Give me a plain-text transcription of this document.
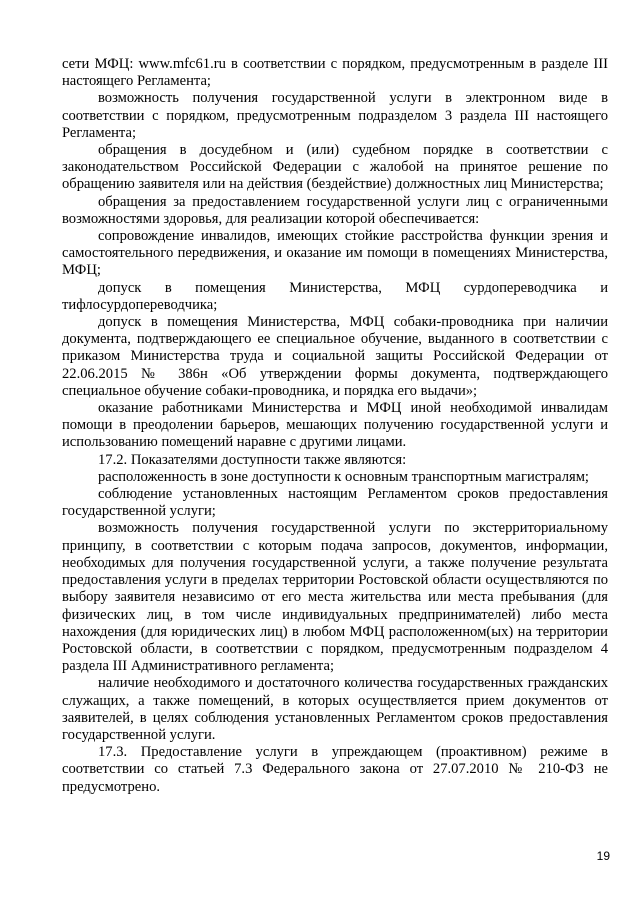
сети МФЦ: www.mfc61.ru в соответствии с порядком, предусмотренным в разделе III настоящего Регламента;

возможность получения государственной услуги в электронном виде в соответствии с порядком, предусмотренным подразделом 3 раздела III настоящего Регламента;

обращения в досудебном и (или) судебном порядке в соответствии с законодательством Российской Федерации с жалобой на принятое решение по обращению заявителя или на действия (бездействие) должностных лиц Министерства;

обращения за предоставлением государственной услуги лиц с ограниченными возможностями здоровья, для реализации которой обеспечивается:

сопровождение инвалидов, имеющих стойкие расстройства функции зрения и самостоятельного передвижения, и оказание им помощи в помещениях Министерства, МФЦ;

допуск в помещения Министерства, МФЦ сурдопереводчика и тифлосурдопереводчика;

допуск в помещения Министерства, МФЦ собаки-проводника при наличии документа, подтверждающего ее специальное обучение, выданного в соответствии с приказом Министерства труда и социальной защиты Российской Федерации от 22.06.2015 № 386н «Об утверждении формы документа, подтверждающего специальное обучение собаки-проводника, и порядка его выдачи»;

оказание работниками Министерства и МФЦ иной необходимой инвалидам помощи в преодолении барьеров, мешающих получению государственной услуги и использованию помещений наравне с другими лицами.

17.2. Показателями доступности также являются:

расположенность в зоне доступности к основным транспортным магистралям;

соблюдение установленных настоящим Регламентом сроков предоставления государственной услуги;

возможность получения государственной услуги по экстерриториальному принципу, в соответствии с которым подача запросов, документов, информации, необходимых для получения государственной услуги, а также получение результата предоставления услуги в пределах территории Ростовской области осуществляются по выбору заявителя независимо от его места жительства или места пребывания (для физических лиц, в том числе индивидуальных предпринимателей) либо места нахождения (для юридических лиц) в любом МФЦ расположенном(ых) на территории Ростовской области, в соответствии с порядком, предусмотренным подразделом 4 раздела III Административного регламента;

наличие необходимого и достаточного количества государственных гражданских служащих, а также помещений, в которых осуществляется прием документов от заявителей, в целях соблюдения установленных Регламентом сроков предоставления государственной услуги.

17.3. Предоставление услуги в упреждающем (проактивном) режиме в соответствии со статьей 7.3 Федерального закона от 27.07.2010 № 210-ФЗ не предусмотрено.

19
